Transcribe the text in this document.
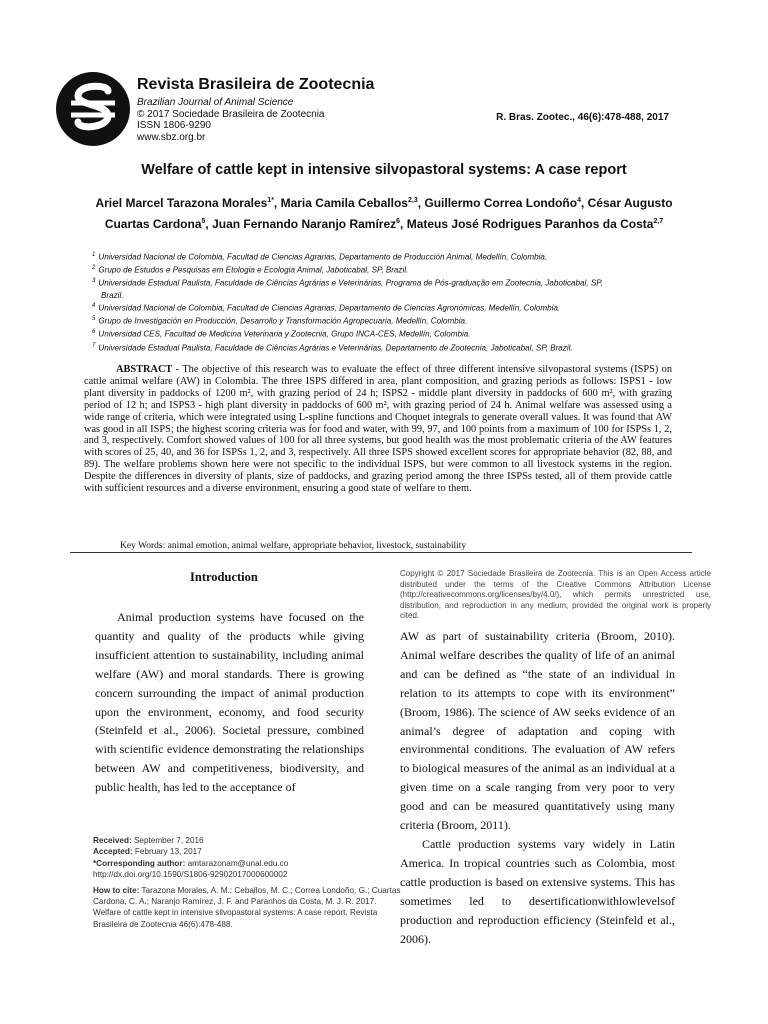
Revista Brasileira de Zootecnia
Brazilian Journal of Animal Science
© 2017 Sociedade Brasileira de Zootecnia
ISSN 1806-9290
www.sbz.org.br
R. Bras. Zootec., 46(6):478-488, 2017
Welfare of cattle kept in intensive silvopastoral systems: A case report
Ariel Marcel Tarazona Morales$^{1*}$, Maria Camila Ceballos$^{2,3}$, Guillermo Correa Londoño$^4$, César Augusto Cuartas Cardona$^5$, Juan Fernando Naranjo Ramírez$^6$, Mateus José Rodrigues Paranhos da Costa$^{2,7}$
$^1$ Universidad Nacional de Colombia, Facultad de Ciencias Agrarias, Departamento de Producción Animal, Medellín, Colombia.
$^2$ Grupo de Estudos e Pesquisas em Etologia e Ecologia Animal, Jaboticabal, SP, Brazil.
$^3$ Universidade Estadual Paulista, Faculdade de Ciências Agrárias e Veterinárias, Programa de Pós-graduação em Zootecnia, Jaboticabal, SP,
Brazil.
$^4$ Universidad Nacional de Colombia, Facultad de Ciencias Agrarias, Departamento de Ciencias Agronómicas, Medellín, Colombia.
$^5$ Grupo de Investigación en Producción, Desarrollo y Transformación Agropecuaria, Medellín, Colombia.
$^6$ Universidad CES, Facultad de Medicina Veterinaria y Zootecnia, Grupo INCA-CES, Medellín, Colombia.
$^7$ Universidade Estadual Paulista, Faculdade de Ciências Agrárias e Veterinárias, Departamento de Zootecnia, Jaboticabal, SP, Brazil.

ABSTRACT - The objective of this research was to evaluate the effect of three different intensive silvopastoral systems (ISPS) on cattle animal welfare (AW) in Colombia. The three ISPS differed in area, plant composition, and grazing periods as follows: ISPS1 - low plant diversity in paddocks of 1200 m², with grazing period of 24 h; ISPS2 - middle plant diversity in paddocks of 600 m², with grazing period of 12 h; and ISPS3 - high plant diversity in paddocks of 600 m², with grazing period of 24 h. Animal welfare was assessed using a wide range of criteria, which were integrated using L-spline functions and Choquet integrals to generate overall values. It was found that AW was good in all ISPS; the highest scoring criteria was for food and water, with 99, 97, and 100 points from a maximum of 100 for ISPSs 1, 2, and 3, respectively. Comfort showed values of 100 for all three systems, but good health was the most problematic criteria of the AW features with scores of 25, 40, and 36 for ISPSs 1, 2, and 3, respectively. All three ISPS showed excellent scores for appropriate behavior (82, 88, and 89). The welfare problems shown here were not specific to the individual ISPS, but were common to all livestock systems in the region. Despite the differences in diversity of plants, size of paddocks, and grazing period among the three ISPSs tested, all of them provide cattle with sufficient resources and a diverse environment, ensuring a good state of welfare to them.

Key Words: animal emotion, animal welfare, appropriate behavior, livestock, sustainability
Introduction

Animal production systems have focused on the quantity and quality of the products while giving insufficient attention to sustainability, including animal welfare (AW) and moral standards. There is growing concern surrounding the impact of animal production upon the environment, economy, and food security (Steinfeld et al., 2006). Societal pressure, combined with scientific evidence demonstrating the relationships between AW and competitiveness, biodiversity, and public health, has led to the acceptance of

Copyright © 2017 Sociedade Brasileira de Zootecnia. This is an Open Access article distributed under the terms of the Creative Commons Attribution License (http://creativecommons.org/licenses/by/4.0/), which permits unrestricted use, distribution, and reproduction in any medium, provided the original work is properly cited.

AW as part of sustainability criteria (Broom, 2010). Animal welfare describes the quality of life of an animal and can be defined as “the state of an individual in relation to its attempts to cope with its environment” (Broom, 1986). The science of AW seeks evidence of an animal’s degree of adaptation and coping with environmental conditions. The evaluation of AW refers to biological measures of the animal as an individual at a given time on a scale ranging from very poor to very good and can be measured quantitatively using many criteria (Broom, 2011).

Cattle production systems vary widely in Latin America. In tropical countries such as Colombia, most cattle production is based on extensive systems. This has sometimes led to desertificationwithlowlevelsof production and reproduction efficiency (Steinfeld et al., 2006).

Received: September 7, 2016
Accepted: February 13, 2017
*Corresponding author: amtarazonam@unal.edu.co
http://dx.doi.org/10.1590/S1806-92902017000600002
How to cite: Tarazona Morales, A. M.; Ceballos, M. C.; Correa Londoño, G.; Cuartas Cardona, C. A.; Naranjo Ramírez, J. F. and Paranhos da Costa, M. J. R. 2017. Welfare of cattle kept in intensive silvopastoral systems: A case report. Revista Brasileira de Zootecnia 46(6):478-488.
